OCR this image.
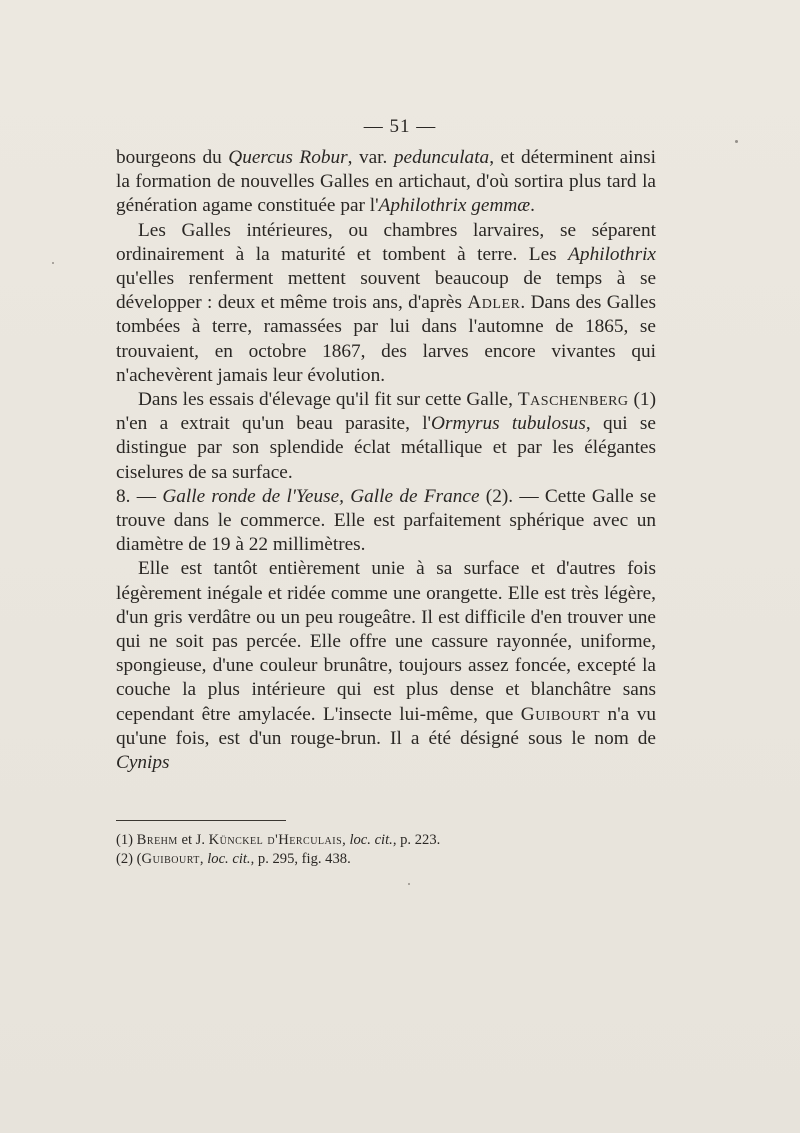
— 51 —

bourgeons du Quercus Robur, var. pedunculata, et déterminent ainsi la formation de nouvelles Galles en artichaut, d'où sortira plus tard la génération agame constituée par l'Aphilothrix gemmæ.

Les Galles intérieures, ou chambres larvaires, se séparent ordinairement à la maturité et tombent à terre. Les Aphilothrix qu'elles renferment mettent souvent beaucoup de temps à se développer : deux et même trois ans, d'après Adler. Dans des Galles tombées à terre, ramassées par lui dans l'automne de 1865, se trouvaient, en octobre 1867, des larves encore vivantes qui n'achevèrent jamais leur évolution.

Dans les essais d'élevage qu'il fit sur cette Galle, Taschenberg (1) n'en a extrait qu'un beau parasite, l'Ormyrus tubulosus, qui se distingue par son splendide éclat métallique et par les élégantes ciselures de sa surface.

8. — Galle ronde de l'Yeuse, Galle de France (2). — Cette Galle se trouve dans le commerce. Elle est parfaitement sphérique avec un diamètre de 19 à 22 millimètres.

Elle est tantôt entièrement unie à sa surface et d'autres fois légèrement inégale et ridée comme une orangette. Elle est très légère, d'un gris verdâtre ou un peu rougeâtre. Il est difficile d'en trouver une qui ne soit pas percée. Elle offre une cassure rayonnée, uniforme, spongieuse, d'une couleur brunâtre, toujours assez foncée, excepté la couche la plus intérieure qui est plus dense et blanchâtre sans cependant être amylacée. L'insecte lui-même, que Guibourt n'a vu qu'une fois, est d'un rouge-brun. Il a été désigné sous le nom de Cynips

(1) Brehm et J. Künckel d'Herculais, loc. cit., p. 223.

(2) (Guibourt, loc. cit., p. 295, fig. 438.
